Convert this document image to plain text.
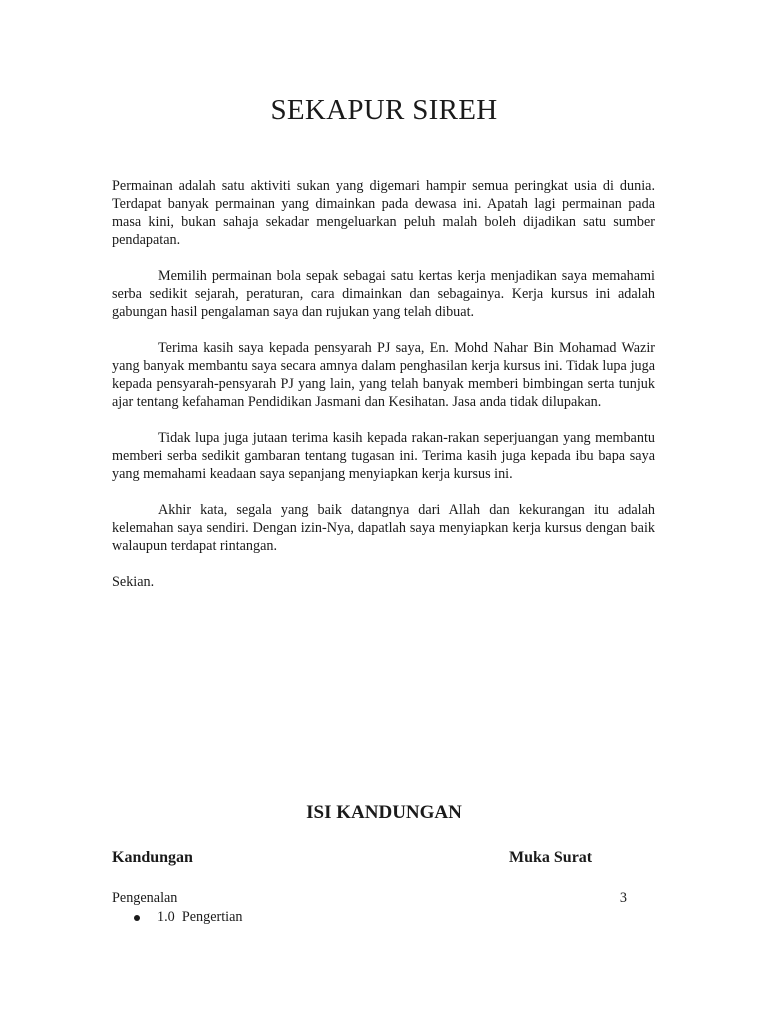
SEKAPUR SIREH

Permainan adalah satu aktiviti sukan yang digemari hampir semua peringkat usia di dunia. Terdapat banyak permainan yang dimainkan pada dewasa ini. Apatah lagi permainan pada masa kini, bukan sahaja sekadar mengeluarkan peluh malah boleh dijadikan satu sumber pendapatan.

Memilih permainan bola sepak sebagai satu kertas kerja menjadikan saya memahami serba sedikit sejarah, peraturan, cara dimainkan dan sebagainya. Kerja kursus ini adalah gabungan hasil pengalaman saya dan rujukan yang telah dibuat.

Terima kasih saya kepada pensyarah PJ saya, En. Mohd Nahar Bin Mohamad Wazir yang banyak membantu saya secara amnya dalam penghasilan kerja kursus ini. Tidak lupa juga kepada pensyarah-pensyarah PJ yang lain, yang telah banyak memberi bimbingan serta tunjuk ajar tentang kefahaman Pendidikan Jasmani dan Kesihatan. Jasa anda tidak dilupakan.

Tidak lupa juga jutaan terima kasih kepada rakan-rakan seperjuangan yang membantu memberi serba sedikit gambaran tentang tugasan ini. Terima kasih juga kepada ibu bapa saya yang memahami keadaan saya sepanjang menyiapkan kerja kursus ini.

Akhir kata, segala yang baik datangnya dari Allah dan kekurangan itu adalah kelemahan saya sendiri. Dengan izin-Nya, dapatlah saya menyiapkan kerja kursus dengan baik walaupun terdapat rintangan.

Sekian.

ISI KANDUNGAN
Kandungan	Muka Surat
Pengenalan	3
1.0  Pengertian
